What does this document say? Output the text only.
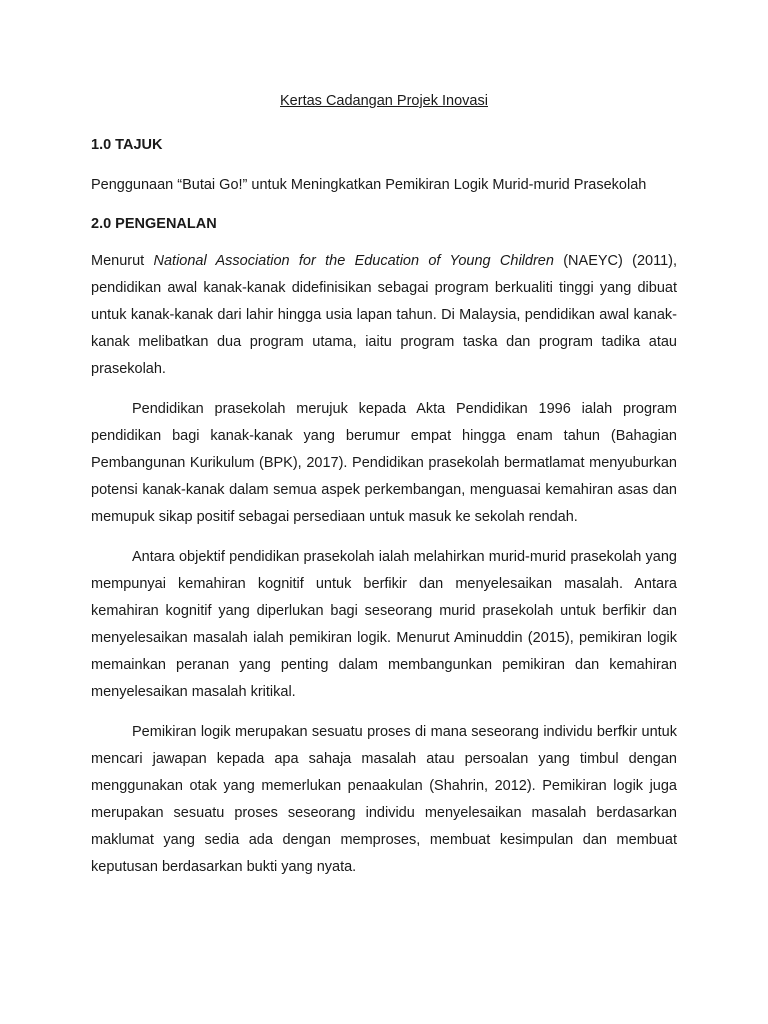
Kertas Cadangan Projek Inovasi

1.0 TAJUK

Penggunaan “Butai Go!” untuk Meningkatkan Pemikiran Logik Murid-murid Prasekolah

2.0 PENGENALAN

Menurut National Association for the Education of Young Children (NAEYC) (2011), pendidikan awal kanak-kanak didefinisikan sebagai program berkualiti tinggi yang dibuat untuk kanak-kanak dari lahir hingga usia lapan tahun. Di Malaysia, pendidikan awal kanak-kanak melibatkan dua program utama, iaitu program taska dan program tadika atau prasekolah.

Pendidikan prasekolah merujuk kepada Akta Pendidikan 1996 ialah program pendidikan bagi kanak-kanak yang berumur empat hingga enam tahun (Bahagian Pembangunan Kurikulum (BPK), 2017). Pendidikan prasekolah bermatlamat menyuburkan potensi kanak-kanak dalam semua aspek perkembangan, menguasai kemahiran asas dan memupuk sikap positif sebagai persediaan untuk masuk ke sekolah rendah.

Antara objektif pendidikan prasekolah ialah melahirkan murid-murid prasekolah yang mempunyai kemahiran kognitif untuk berfikir dan menyelesaikan masalah. Antara kemahiran kognitif yang diperlukan bagi seseorang murid prasekolah untuk berfikir dan menyelesaikan masalah ialah pemikiran logik. Menurut Aminuddin (2015), pemikiran logik memainkan peranan yang penting dalam membangunkan pemikiran dan kemahiran menyelesaikan masalah kritikal.

Pemikiran logik merupakan sesuatu proses di mana seseorang individu berfkir untuk mencari jawapan kepada apa sahaja masalah atau persoalan yang timbul dengan menggunakan otak yang memerlukan penaakulan (Shahrin, 2012). Pemikiran logik juga merupakan sesuatu proses seseorang individu menyelesaikan masalah berdasarkan maklumat yang sedia ada dengan memproses, membuat kesimpulan dan membuat keputusan berdasarkan bukti yang nyata.
